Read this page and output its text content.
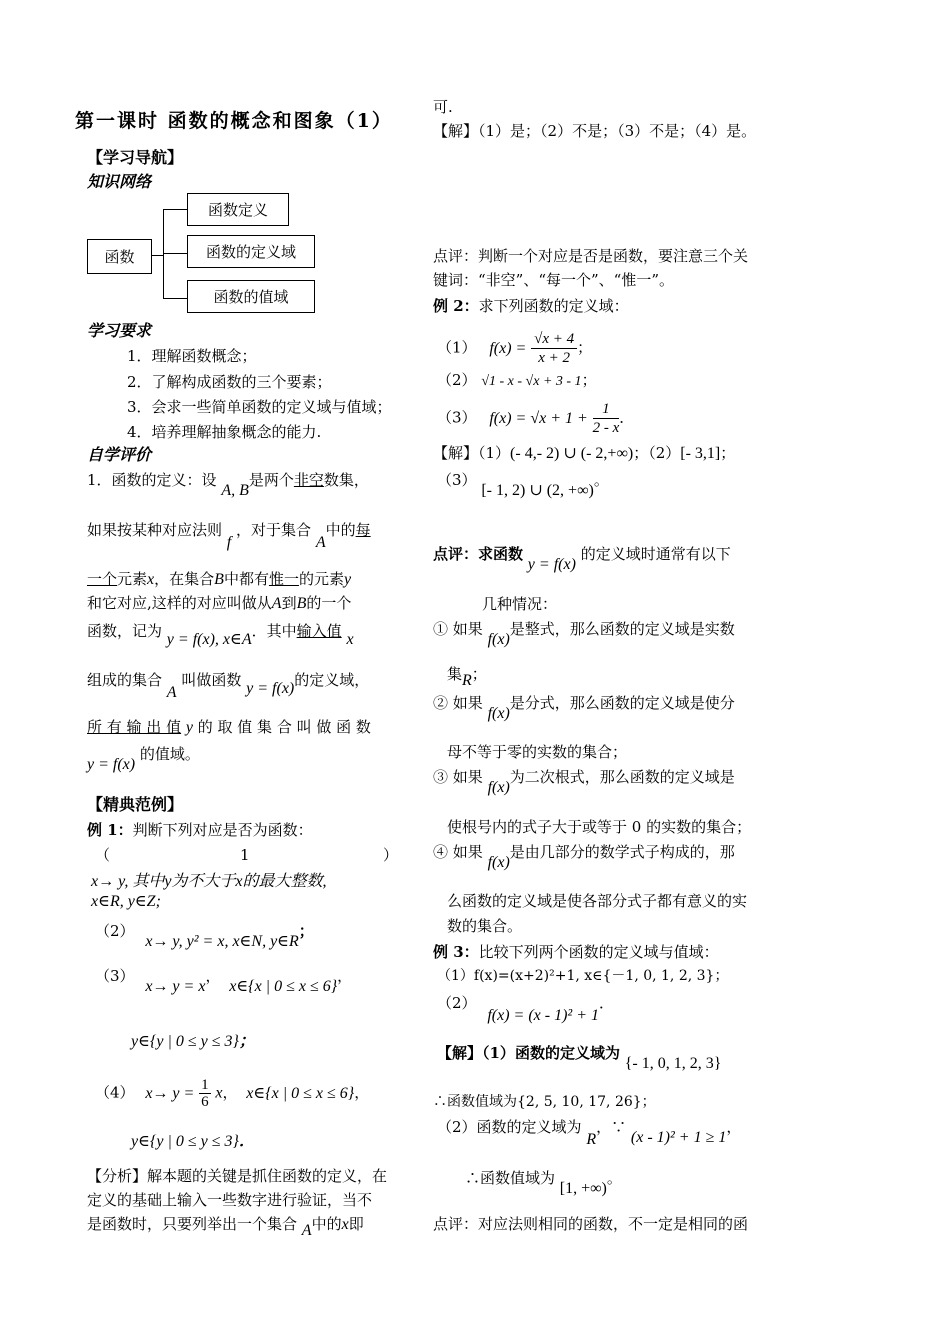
第一课时 函数的概念和图象（1）
【学习导航】
知识网络
函数
函数定义
函数的定义域
函数的值域
学习要求
1．理解函数概念；
2．了解构成函数的三个要素；
3．会求一些简单函数的定义域与值域；
4．培养理解抽象概念的能力.
自学评价
1．函数的定义：设 A, B是两个非空数集，
如果按某种对应法则 f ，对于集合 A中的每
一个元素x，在集合B中都有惟一的元素y
和它对应,这样的对应叫做从A到B的一个
函数，记为 y = f(x), x∈A．其中输入值 x
组成的集合 A 叫做函数 y = f(x)的定义域，
所 有 输 出 值 y 的 取 值 集 合 叫 做 函 数
y = f(x) 的值域。
【精典范例】
例 1：判断下列对应是否为函数：
（	1	）
x→ y, 其中y为不大于x的最大整数,
x∈R, y∈Z;
（2） x→ y, y² = x, x∈N, y∈R；
（3） x→ y = x， x∈{x | 0 ≤ x ≤ 6}，
y∈{y | 0 ≤ y ≤ 3}；
（4） $x\to y = \frac{1}{6}$ x， x∈{x | 0 ≤ x ≤ 6}，
y∈{y | 0 ≤ y ≤ 3}．
【分析】解本题的关键是抓住函数的定义，在
定义的基础上输入一些数字进行验证，当不
是函数时，只要列举出一个集合 A中的x即
可.
【解】（1）是；（2）不是；（3）不是；（4）是。
点评：判断一个对应是否是函数，要注意三个关
键词：“非空”、“每一个”、“惟一”。
例 2：求下列函数的定义域：
（1） $f(x) = \frac{√x + 4}{x + 2}$ ；
（2） √1 - x - √x + 3 - 1；
（3） $f(x) = √x + 1 + \frac{1}{2 - x}$ ．
【解】（1）(- 4,- 2) ∪ (- 2,+∞)；（2）[- 3,1]；
（3） [- 1, 2) ∪ (2, +∞)。
点评：求函数 y = f(x) 的定义域时通常有以下
几种情况：
① 如果 f(x)是整式，那么函数的定义域是实数
集R；
② 如果 f(x)是分式，那么函数的定义域是使分
母不等于零的实数的集合；
③ 如果 f(x)为二次根式，那么函数的定义域是
使根号内的式子大于或等于 0 的实数的集合；
④ 如果 f(x)是由几部分的数学式子构成的，那
么函数的定义域是使各部分式子都有意义的实
数的集合。
例 3：比较下列两个函数的定义域与值域：
（1）f(x)=(x+2)²+1, x∈{－1, 0, 1, 2, 3}；
（2） f(x) = (x - 1)² + 1．
【解】（1）函数的定义域为 {- 1, 0, 1, 2, 3}
∴函数值域为{2, 5, 10, 17, 26}；
（2）函数的定义域为 R，∵ (x - 1)² + 1 ≥ 1，
∴函数值域为 [1, +∞)。
点评：对应法则相同的函数，不一定是相同的函
